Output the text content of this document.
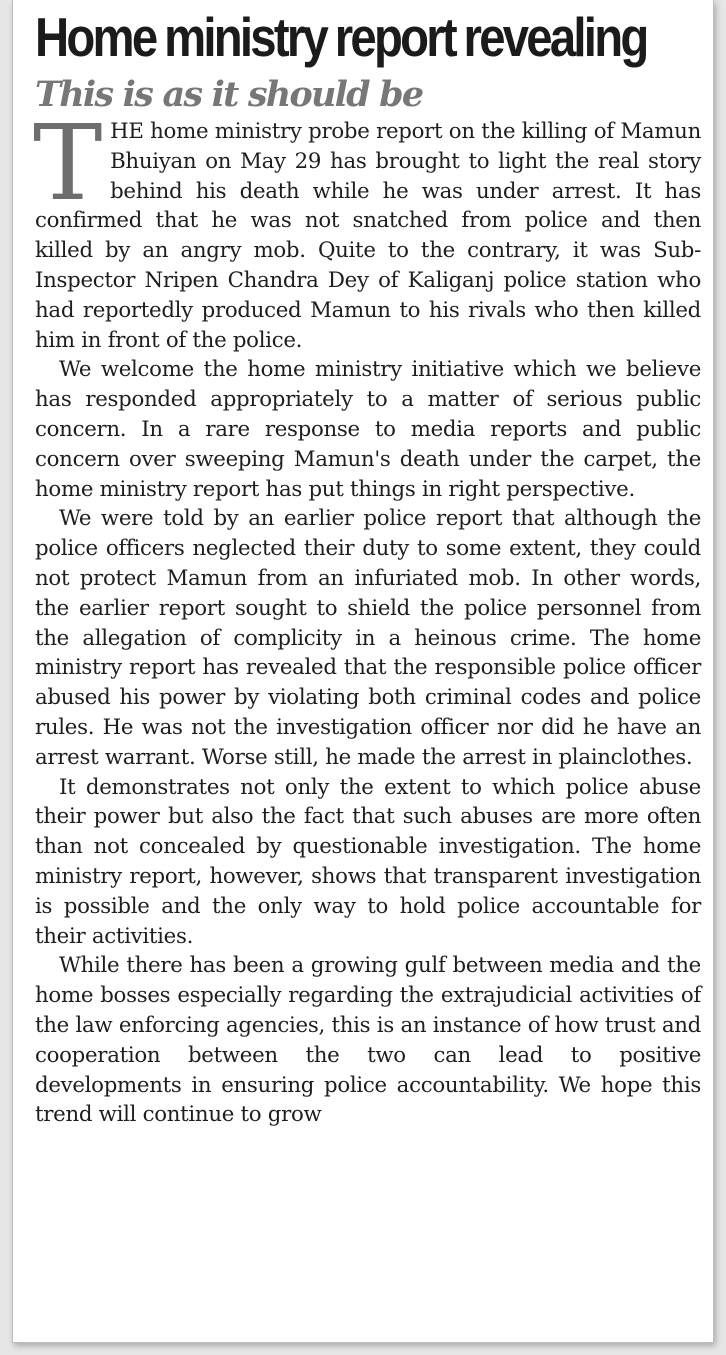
Home ministry report revealing
This is as it should be

THE home ministry probe report on the killing of Mamun Bhuiyan on May 29 has brought to light the real story behind his death while he was under arrest. It has confirmed that he was not snatched from police and then killed by an angry mob. Quite to the contrary, it was Sub-Inspector Nripen Chandra Dey of Kaliganj police station who had reportedly produced Mamun to his rivals who then killed him in front of the police.

We welcome the home ministry initiative which we believe has responded appropriately to a matter of serious public concern. In a rare response to media reports and public concern over sweeping Mamun's death under the carpet, the home ministry report has put things in right perspective.

We were told by an earlier police report that although the police officers neglected their duty to some extent, they could not protect Mamun from an infuriated mob. In other words, the earlier report sought to shield the police personnel from the allegation of complicity in a heinous crime. The home ministry report has revealed that the responsible police officer abused his power by violating both criminal codes and police rules. He was not the investigation officer nor did he have an arrest warrant. Worse still, he made the arrest in plainclothes.

It demonstrates not only the extent to which police abuse their power but also the fact that such abuses are more often than not concealed by questionable investigation. The home ministry report, however, shows that transparent investigation is possible and the only way to hold police accountable for their activities.

While there has been a growing gulf between media and the home bosses especially regarding the extrajudicial activities of the law enforcing agencies, this is an instance of how trust and cooperation between the two can lead to positive developments in ensuring police accountability. We hope this trend will continue to grow
